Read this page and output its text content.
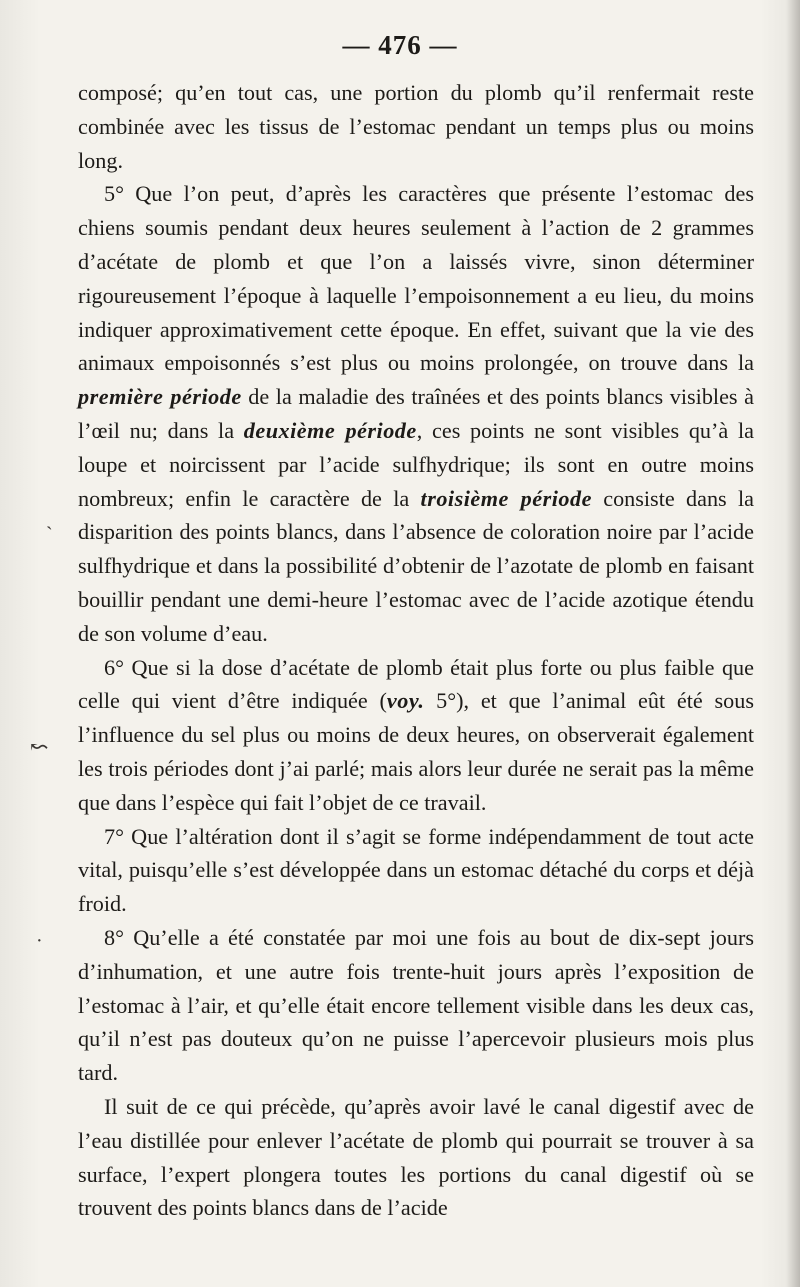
— 476 —
ˏ
↜
·

composé; qu’en tout cas, une portion du plomb qu’il renfermait reste combinée avec les tissus de l’estomac pendant un temps plus ou moins long.

5° Que l’on peut, d’après les caractères que présente l’estomac des chiens soumis pendant deux heures seulement à l’action de 2 grammes d’acétate de plomb et que l’on a laissés vivre, sinon déterminer rigoureusement l’époque à laquelle l’empoisonnement a eu lieu, du moins indiquer approximativement cette époque. En effet, suivant que la vie des animaux empoisonnés s’est plus ou moins prolongée, on trouve dans la première période de la maladie des traînées et des points blancs visibles à l’œil nu; dans la deuxième période, ces points ne sont visibles qu’à la loupe et noircissent par l’acide sulfhydrique; ils sont en outre moins nombreux; enfin le caractère de la troisième période consiste dans la disparition des points blancs, dans l’absence de coloration noire par l’acide sulfhydrique et dans la possibilité d’obtenir de l’azotate de plomb en faisant bouillir pendant une demi-heure l’estomac avec de l’acide azotique étendu de son volume d’eau.

6° Que si la dose d’acétate de plomb était plus forte ou plus faible que celle qui vient d’être indiquée (voy. 5°), et que l’animal eût été sous l’influence du sel plus ou moins de deux heures, on observerait également les trois périodes dont j’ai parlé; mais alors leur durée ne serait pas la même que dans l’espèce qui fait l’objet de ce travail.

7° Que l’altération dont il s’agit se forme indépendamment de tout acte vital, puisqu’elle s’est développée dans un estomac détaché du corps et déjà froid.

8° Qu’elle a été constatée par moi une fois au bout de dix-sept jours d’inhumation, et une autre fois trente-huit jours après l’exposition de l’estomac à l’air, et qu’elle était encore tellement visible dans les deux cas, qu’il n’est pas douteux qu’on ne puisse l’apercevoir plusieurs mois plus tard.

Il suit de ce qui précède, qu’après avoir lavé le canal digestif avec de l’eau distillée pour enlever l’acétate de plomb qui pourrait se trouver à sa surface, l’expert plongera toutes les portions du canal digestif où se trouvent des points blancs dans de l’acide
